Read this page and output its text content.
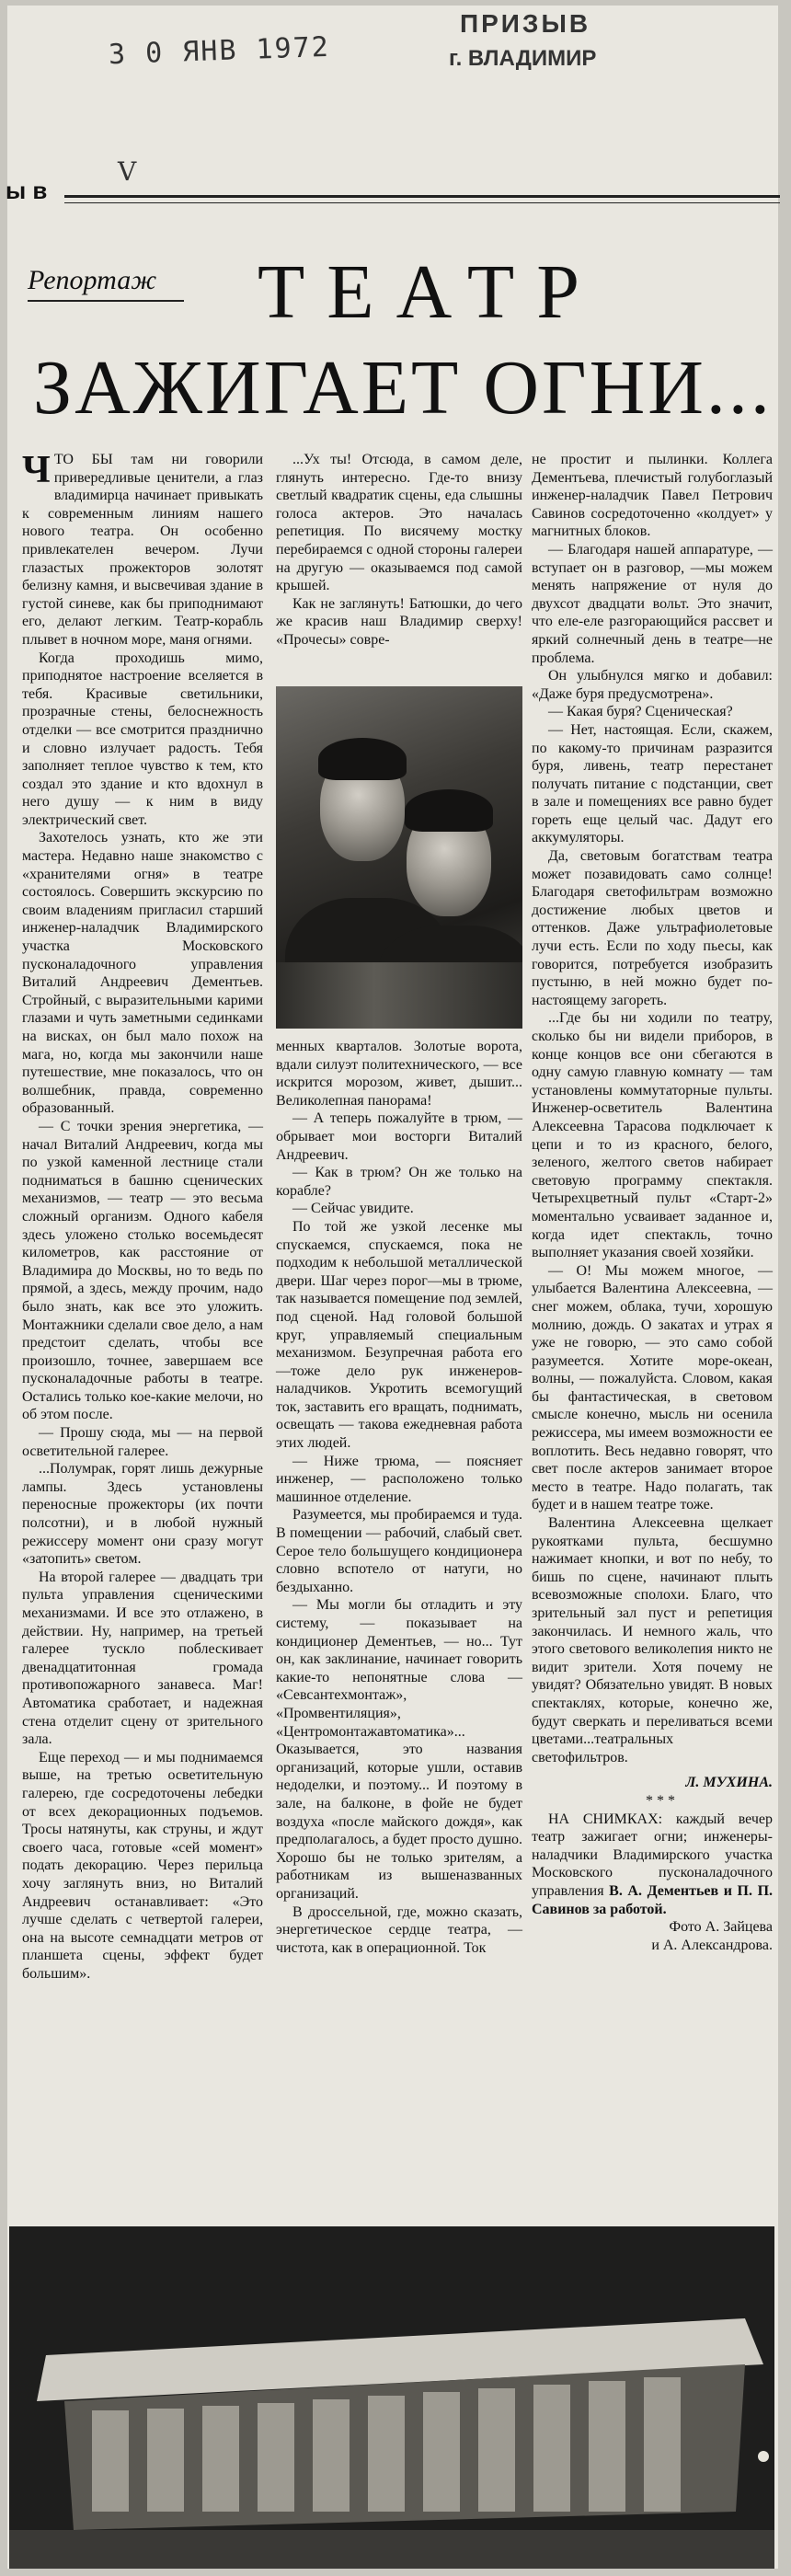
3 0 ЯНВ 1972
ПРИЗЫВ
г. ВЛАДИМИР
V
ы в
Репортаж ТЕАТР
ЗАЖИГАЕТ ОГНИ...

ЧТО БЫ там ни говорили привередливые ценители, а глаз владимирца начинает привыкать к современным линиям нашего нового театра. Он особенно привлекателен вечером. Лучи глазастых прожекторов золотят белизну камня, и высвечивая здание в густой синеве, как бы приподнимают его, делают легким. Театр-корабль плывет в ночном море, маня огнями.

Когда проходишь мимо, приподнятое настроение вселяется в тебя. Красивые светильники, прозрачные стены, белоснежность отделки — все смотрится празднично и словно излучает радость. Тебя заполняет теплое чувство к тем, кто создал это здание и кто вдохнул в него душу — к ним в виду электрический свет.

Захотелось узнать, кто же эти мастера. Недавно наше знакомство с «хранителями огня» в театре состоялось. Совершить экскурсию по своим владениям пригласил старший инженер-наладчик Владимирского участка Московского пусконаладочного управления Виталий Андреевич Дементьев. Стройный, с выразительными карими глазами и чуть заметными сединками на висках, он был мало похож на мага, но, когда мы закончили наше путешествие, мне показалось, что он волшебник, правда, современно образованный.

— С точки зрения энергетика, — начал Виталий Андреевич, когда мы по узкой каменной лестнице стали подниматься в башню сценических механизмов, — театр — это весьма сложный организм. Одного кабеля здесь уложено столько восемьдесят километров, как расстояние от Владимира до Москвы, но то ведь по прямой, а здесь, между прочим, надо было знать, как все это уложить. Монтажники сделали свое дело, а нам предстоит сделать, чтобы все произошло, точнее, завершаем все пусконаладочные работы в театре. Остались только кое-какие мелочи, но об этом после.

— Прошу сюда, мы — на первой осветительной галерее.

...Полумрак, горят лишь дежурные лампы. Здесь установлены переносные прожекторы (их почти полсотни), и в любой нужный режиссеру момент они сразу могут «затопить» светом.

На второй галерее — двадцать три пульта управления сценическими механизмами. И все это отлажено, в действии. Ну, например, на третьей галерее тускло поблескивает двенадцатитонная громада противопожарного занавеса. Маг! Автоматика сработает, и надежная стена отделит сцену от зрительного зала.

Еще переход — и мы поднимаемся выше, на третью осветительную галерею, где сосредоточены лебедки от всех декорационных подъемов. Тросы натянуты, как струны, и ждут своего часа, готовые «сей момент» подать декорацию. Через перильца хочу заглянуть вниз, но Виталий Андреевич останавливает: «Это лучше сделать с четвертой галереи, она на высоте семнадцати метров от планшета сцены, эффект будет большим».

...Ух ты! Отсюда, в самом деле, глянуть интересно. Где-то внизу светлый квадратик сцены, еда слышны голоса актеров. Это началась репетиция. По висячему мостку перебираемся с одной стороны галереи на другую — оказываемся под самой крышей.

Как не заглянуть! Батюшки, до чего же красив наш Владимир сверху! «Прочесы» совре-

менных кварталов. Золотые ворота, вдали силуэт политехнического, — все искрится морозом, живет, дышит... Великолепная панорама!

— А теперь пожалуйте в трюм, — обрывает мои восторги Виталий Андреевич.

— Как в трюм? Он же только на корабле?

— Сейчас увидите.

По той же узкой лесенке мы спускаемся, спускаемся, пока не подходим к небольшой металлической двери. Шаг через порог—мы в трюме, так называется помещение под землей, под сценой. Над головой большой круг, управляемый специальным механизмом. Безупречная работа его —тоже дело рук инженеров-наладчиков. Укротить всемогущий ток, заставить его вращать, поднимать, освещать — такова ежедневная работа этих людей.

— Ниже трюма, — поясняет инженер, — расположено только машинное отделение.

Разумеется, мы пробираемся и туда. В помещении — рабочий, слабый свет. Серое тело большущего кондиционера словно вспотело от натуги, но бездыханно.

— Мы могли бы отладить и эту систему, — показывает на кондиционер Дементьев, — но... Тут он, как заклинание, начинает говорить какие-то непонятные слова — «Севсантехмонтаж», «Промвентиляция», «Центромонтажавтоматика»... Оказывается, это названия организаций, которые ушли, оставив недоделки, и поэтому... И поэтому в зале, на балконе, в фойе не будет воздуха «после майского дождя», как предполагалось, а будет просто душно. Хорошо бы не только зрителям, а работникам из вышеназванных организаций.

В дроссельной, где, можно сказать, энергетическое сердце театра, — чистота, как в операционной. Ток

не простит и пылинки. Коллега Дементьева, плечистый голубоглазый инженер-наладчик Павел Петрович Савинов сосредоточенно «колдует» у магнитных блоков.

— Благодаря нашей аппаратуре, — вступает он в разговор, —мы можем менять напряжение от нуля до двухсот двадцати вольт. Это значит, что еле-еле разгорающийся рассвет и яркий солнечный день в театре—не проблема.

Он улыбнулся мягко и добавил: «Даже буря предусмотрена».

— Какая буря? Сценическая?

— Нет, настоящая. Если, скажем, по какому-то причинам разразится буря, ливень, театр перестанет получать питание с подстанции, свет в зале и помещениях все равно будет гореть еще целый час. Дадут его аккумуляторы.

Да, световым богатствам театра может позавидовать само солнце! Благодаря светофильтрам возможно достижение любых цветов и оттенков. Даже ультрафиолетовые лучи есть. Если по ходу пьесы, как говорится, потребуется изобразить пустыню, в ней можно будет по-настоящему загореть.

...Где бы ни ходили по театру, сколько бы ни видели приборов, в конце концов все они сбегаются в одну самую главную комнату — там установлены коммутаторные пульты. Инженер-осветитель Валентина Алексеевна Тарасова подключает к цепи и то из красного, белого, зеленого, желтого светов набирает световую программу спектакля. Четырехцветный пульт «Старт-2» моментально усваивает заданное и, когда идет спектакль, точно выполняет указания своей хозяйки.

— О! Мы можем многое, — улыбается Валентина Алексеевна, — снег можем, облака, тучи, хорошую молнию, дождь. О закатах и утрах я уже не говорю, — это само собой разумеется. Хотите море-океан, волны, — пожалуйста. Словом, какая бы фантастическая, в световом смысле конечно, мысль ни осенила режиссера, мы имеем возможности ее воплотить. Весь недавно говорят, что свет после актеров занимает второе место в театре. Надо полагать, так будет и в нашем театре тоже.

Валентина Алексеевна щелкает рукоятками пульта, бесшумно нажимает кнопки, и вот по небу, то бишь по сцене, начинают плыть всевозможные сполохи. Благо, что зрительный зал пуст и репетиция закончилась. И немного жаль, что этого светового великолепия никто не видит зрители. Хотя почему не увидят? Обязательно увидят. В новых спектаклях, которые, конечно же, будут сверкать и переливаться всеми цветами...театральных светофильтров.

Л. МУХИНА.

* * *

НА СНИМКАХ: каждый вечер театр зажигает огни; инженеры-наладчики Владимирского участка Московского пусконаладочного управления В. А. Дементьев и П. П. Савинов за работой.

Фото А. Зайцева

и А. Александрова.
